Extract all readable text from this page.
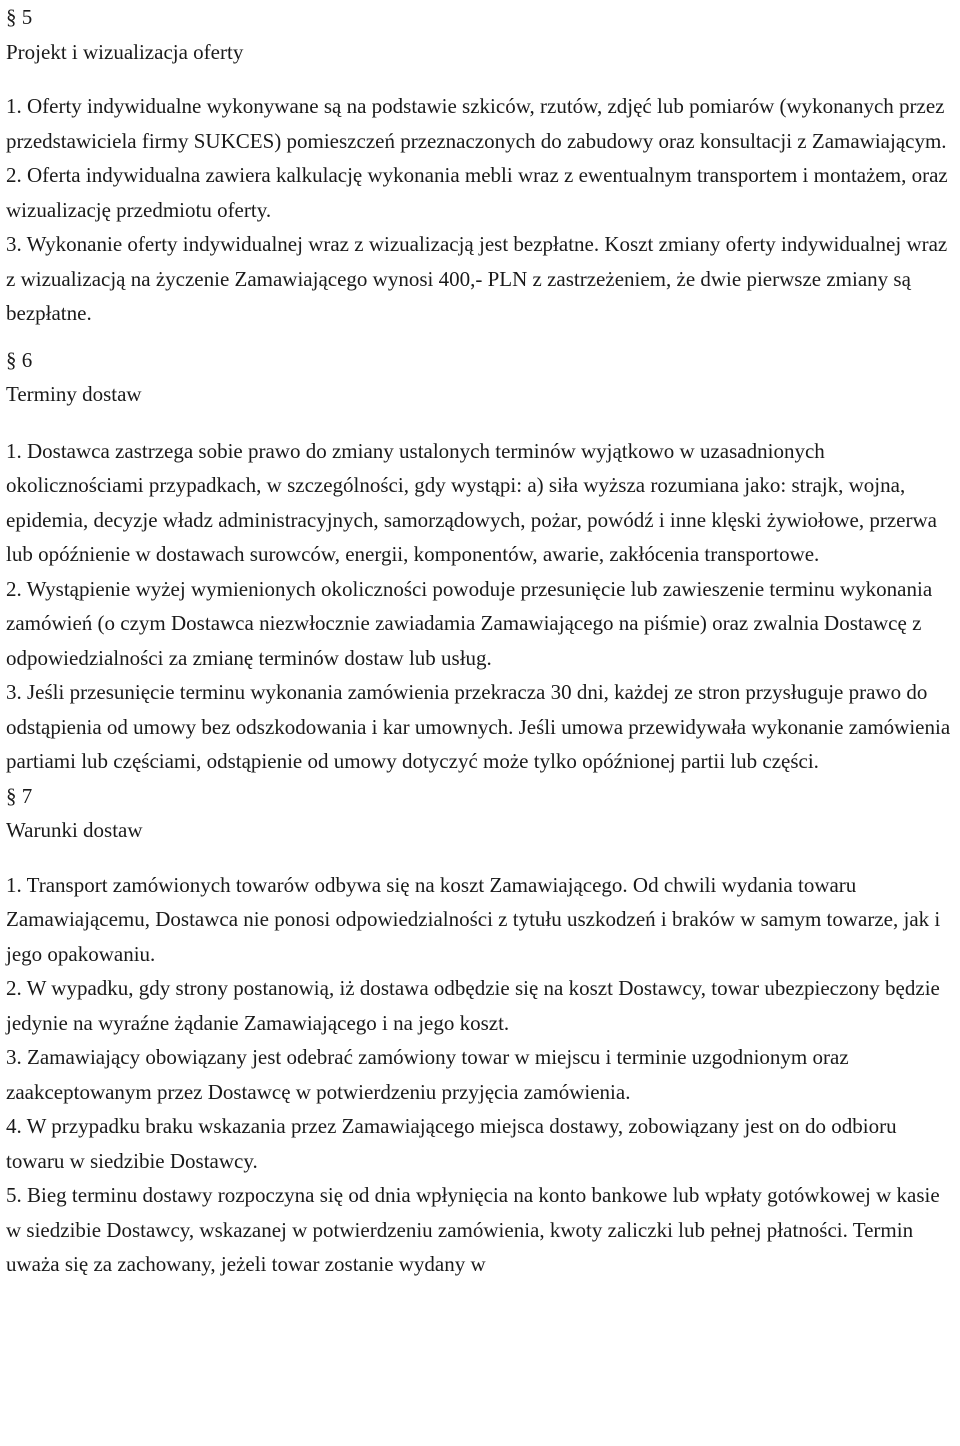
§ 5
Projekt i wizualizacja oferty

1. Oferty indywidualne wykonywane są na podstawie szkiców, rzutów, zdjęć lub pomiarów (wykonanych przez przedstawiciela firmy SUKCES) pomieszczeń przeznaczonych do zabudowy oraz konsultacji z Zamawiającym.

2. Oferta indywidualna zawiera kalkulację wykonania mebli wraz z ewentualnym transportem i montażem, oraz wizualizację przedmiotu oferty.

3. Wykonanie oferty indywidualnej wraz z wizualizacją jest bezpłatne. Koszt zmiany oferty indywidualnej wraz z wizualizacją na życzenie Zamawiającego wynosi 400,- PLN z zastrzeżeniem, że dwie pierwsze zmiany są bezpłatne.

§ 6
Terminy dostaw

1. Dostawca zastrzega sobie prawo do zmiany ustalonych terminów wyjątkowo w uzasadnionych okolicznościami przypadkach, w szczególności, gdy wystąpi: a) siła wyższa rozumiana jako: strajk, wojna, epidemia, decyzje władz administracyjnych, samorządowych, pożar, powódź i inne klęski żywiołowe, przerwa lub opóźnienie w dostawach surowców, energii, komponentów, awarie, zakłócenia transportowe.

2. Wystąpienie wyżej wymienionych okoliczności powoduje przesunięcie lub zawieszenie terminu wykonania zamówień (o czym Dostawca niezwłocznie zawiadamia Zamawiającego na piśmie) oraz zwalnia Dostawcę z odpowiedzialności za zmianę terminów dostaw lub usług.

3. Jeśli przesunięcie terminu wykonania zamówienia przekracza 30 dni, każdej ze stron przysługuje prawo do odstąpienia od umowy bez odszkodowania i kar umownych. Jeśli umowa przewidywała wykonanie zamówienia partiami lub częściami, odstąpienie od umowy dotyczyć może tylko opóźnionej partii lub części.

§ 7
Warunki dostaw

1. Transport zamówionych towarów odbywa się na koszt Zamawiającego. Od chwili wydania towaru Zamawiającemu, Dostawca nie ponosi odpowiedzialności z tytułu uszkodzeń i braków w samym towarze, jak i jego opakowaniu.

2. W wypadku, gdy strony postanowią, iż dostawa odbędzie się na koszt Dostawcy, towar ubezpieczony będzie jedynie na wyraźne żądanie Zamawiającego i na jego koszt.

3. Zamawiający obowiązany jest odebrać zamówiony towar w miejscu i terminie uzgodnionym oraz zaakceptowanym przez Dostawcę w potwierdzeniu przyjęcia zamówienia.

4. W przypadku braku wskazania przez Zamawiającego miejsca dostawy, zobowiązany jest on do odbioru towaru w siedzibie Dostawcy.

5. Bieg terminu dostawy rozpoczyna się od dnia wpłynięcia na konto bankowe lub wpłaty gotówkowej w kasie w siedzibie Dostawcy, wskazanej w potwierdzeniu zamówienia, kwoty zaliczki lub pełnej płatności. Termin uważa się za zachowany, jeżeli towar zostanie wydany w
